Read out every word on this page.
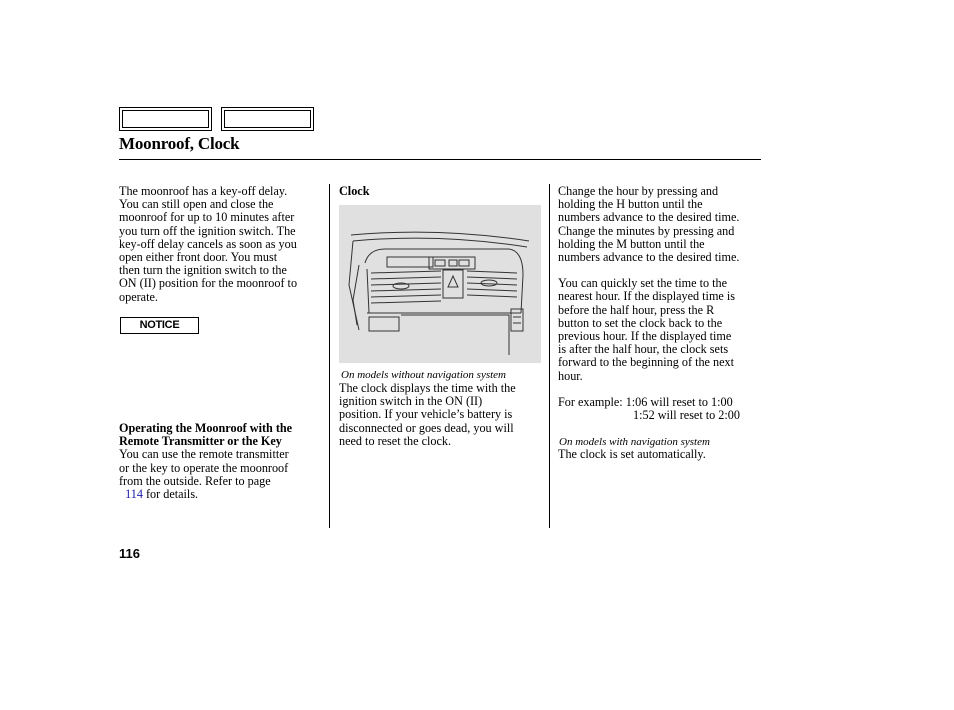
Moonroof, Clock

The moonroof has a key-off delay.
You can still open and close the
moonroof for up to 10 minutes after
you turn off the ignition switch. The
key-off delay cancels as soon as you
open either front door. You must
then turn the ignition switch to the
ON (II) position for the moonroof to
operate.

NOTICE

Operating the Moonroof with the
Remote Transmitter or the Key

You can use the remote transmitter
or the key to operate the moonroof
from the outside. Refer to page
114 for details.

Clock
On models without navigation system

The clock displays the time with the
ignition switch in the ON (II)
position. If your vehicle’s battery is
disconnected or goes dead, you will
need to reset the clock.

Change the hour by pressing and
holding the H button until the
numbers advance to the desired time.
Change the minutes by pressing and
holding the M button until the
numbers advance to the desired time.

You can quickly set the time to the
nearest hour. If the displayed time is
before the half hour, press the R
button to set the clock back to the
previous hour. If the displayed time
is after the half hour, the clock sets
forward to the beginning of the next
hour.

For example: 1:06 will reset to 1:00
1:52 will reset to 2:00

On models with navigation system
The clock is set automatically.
116
